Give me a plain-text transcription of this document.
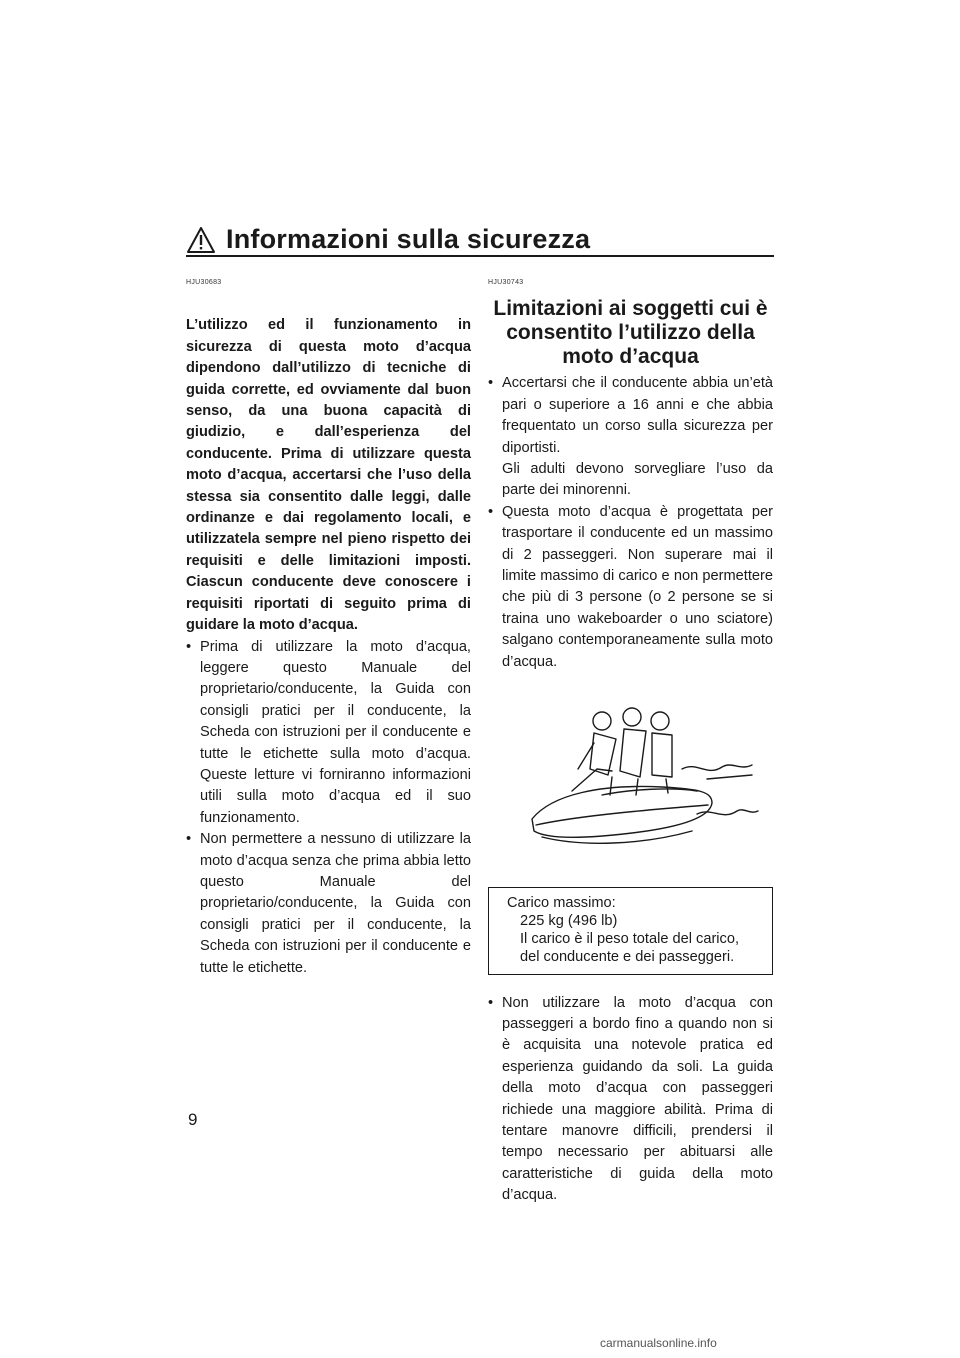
Informazioni sulla sicurezza
HJU30683
L’utilizzo ed il funzionamento in sicurezza di questa moto d’acqua dipendono dall’utilizzo di tecniche di guida corrette, ed ovviamente dal buon senso, da una buona capacità di giudizio, e dall’esperienza del conducente. Prima di utilizzare questa moto d’acqua, accertarsi che l’uso della stessa sia consentito dalle leggi, dalle ordinanze e dai regolamento locali, e utilizzatela sempre nel pieno rispetto dei requisiti e delle limitazioni imposti. Ciascun conducente deve conoscere i requisiti riportati di seguito prima di guidare la moto d’acqua.

• Prima di utilizzare la moto d’acqua, leggere questo Manuale del proprietario/conducente, la Guida con consigli pratici per il conducente, la Scheda con istruzioni per il conducente e tutte le etichette sulla moto d’acqua. Queste letture vi forniranno informazioni utili sulla moto d’acqua ed il suo funzionamento.

• Non permettere a nessuno di utilizzare la moto d’acqua senza che prima abbia letto questo Manuale del proprietario/conducente, la Guida con consigli pratici per il conducente, la Scheda con istruzioni per il conducente e tutte le etichette.

HJU30743
Limitazioni ai soggetti cui è consentito l’utilizzo della moto d’acqua

• Accertarsi che il conducente abbia un’età pari o superiore a 16 anni e che abbia frequentato un corso sulla sicurezza per diportisti.

Gli adulti devono sorvegliare l’uso da parte dei minorenni.

• Questa moto d’acqua è progettata per trasportare il conducente ed un massimo di 2 passeggeri. Non superare mai il limite massimo di carico e non permettere che più di 3 persone (o 2 persone se si traina uno wakeboarder o uno sciatore) salgano contemporaneamente sulla moto d’acqua.

Carico massimo:
225 kg (496 lb)
Il carico è il peso totale del carico, del conducente e dei passeggeri.

• Non utilizzare la moto d’acqua con passeggeri a bordo fino a quando non si è acquisita una notevole pratica ed esperienza guidando da soli. La guida della moto d’acqua con passeggeri richiede una maggiore abilità. Prima di tentare manovre difficili, prendersi il tempo necessario per abituarsi alle caratteristiche di guida della moto d’acqua.

9
carmanualsonline.info
